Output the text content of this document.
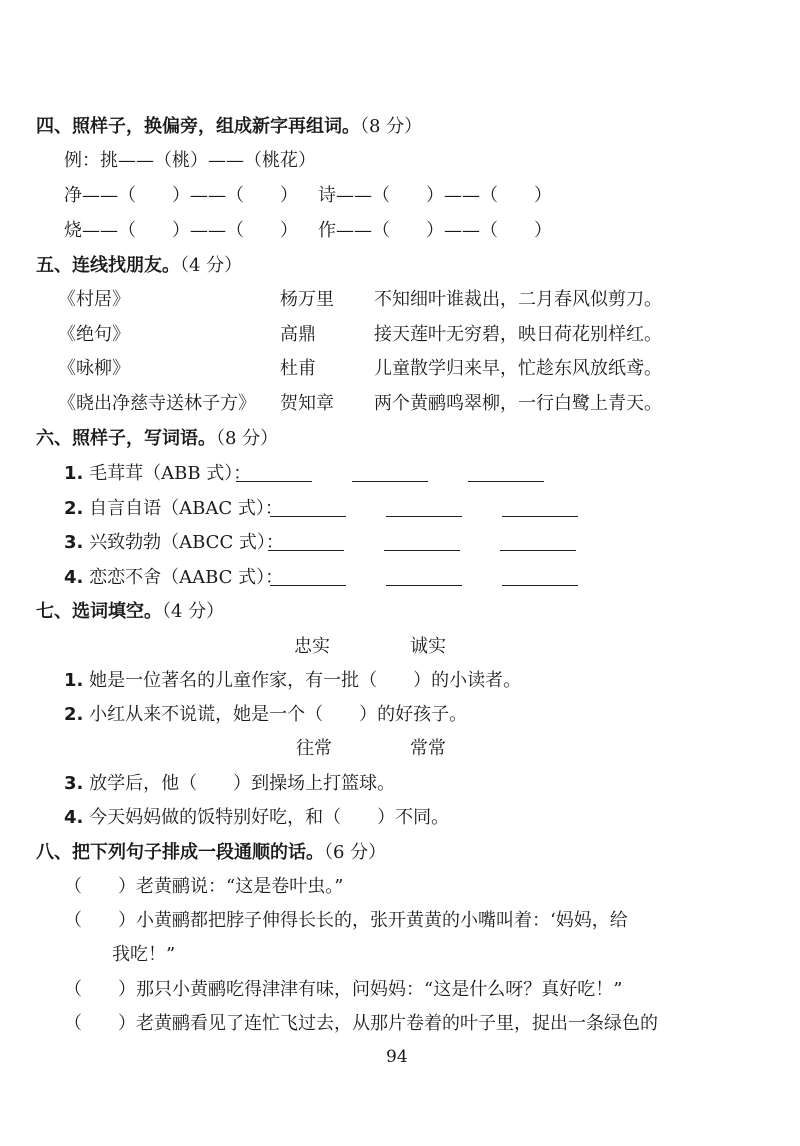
四、照样子，换偏旁，组成新字再组词。（8 分）
例：挑——（桃）——（桃花）
净——（　　）——（　　） 诗——（　　）——（　　）
烧——（　　）——（　　） 作——（　　）——（　　）
五、连线找朋友。（4 分）
《村居》	杨万里 不知细叶谁裁出，二月春风似剪刀。
《绝句》	高鼎	接天莲叶无穷碧，映日荷花别样红。
《咏柳》	杜甫	儿童散学归来早，忙趁东风放纸鸢。
《晓出净慈寺送林子方》 贺知章 两个黄鹂鸣翠柳，一行白鹭上青天。
六、照样子，写词语。（8 分）
1. 毛茸茸（ABB 式）：
2. 自言自语（ABAC 式）：
3. 兴致勃勃（ABCC 式）：
4. 恋恋不舍（AABC 式）：
七、选词填空。（4 分）
忠实	诚实
1. 她是一位著名的儿童作家，有一批（　　）的小读者。
2. 小红从来不说谎，她是一个（　　）的好孩子。
往常	常常
3. 放学后，他（　　）到操场上打篮球。
4. 今天妈妈做的饭特别好吃，和（　　）不同。
八、把下列句子排成一段通顺的话。（6 分）
（　　）老黄鹂说：“这是卷叶虫。”
（　　）小黄鹂都把脖子伸得长长的，张开黄黄的小嘴叫着：‘妈妈，给
我吃！”
（　　）那只小黄鹂吃得津津有味，问妈妈：“这是什么呀？真好吃！”
（　　）老黄鹂看见了连忙飞过去，从那片卷着的叶子里，捉出一条绿色的
94
